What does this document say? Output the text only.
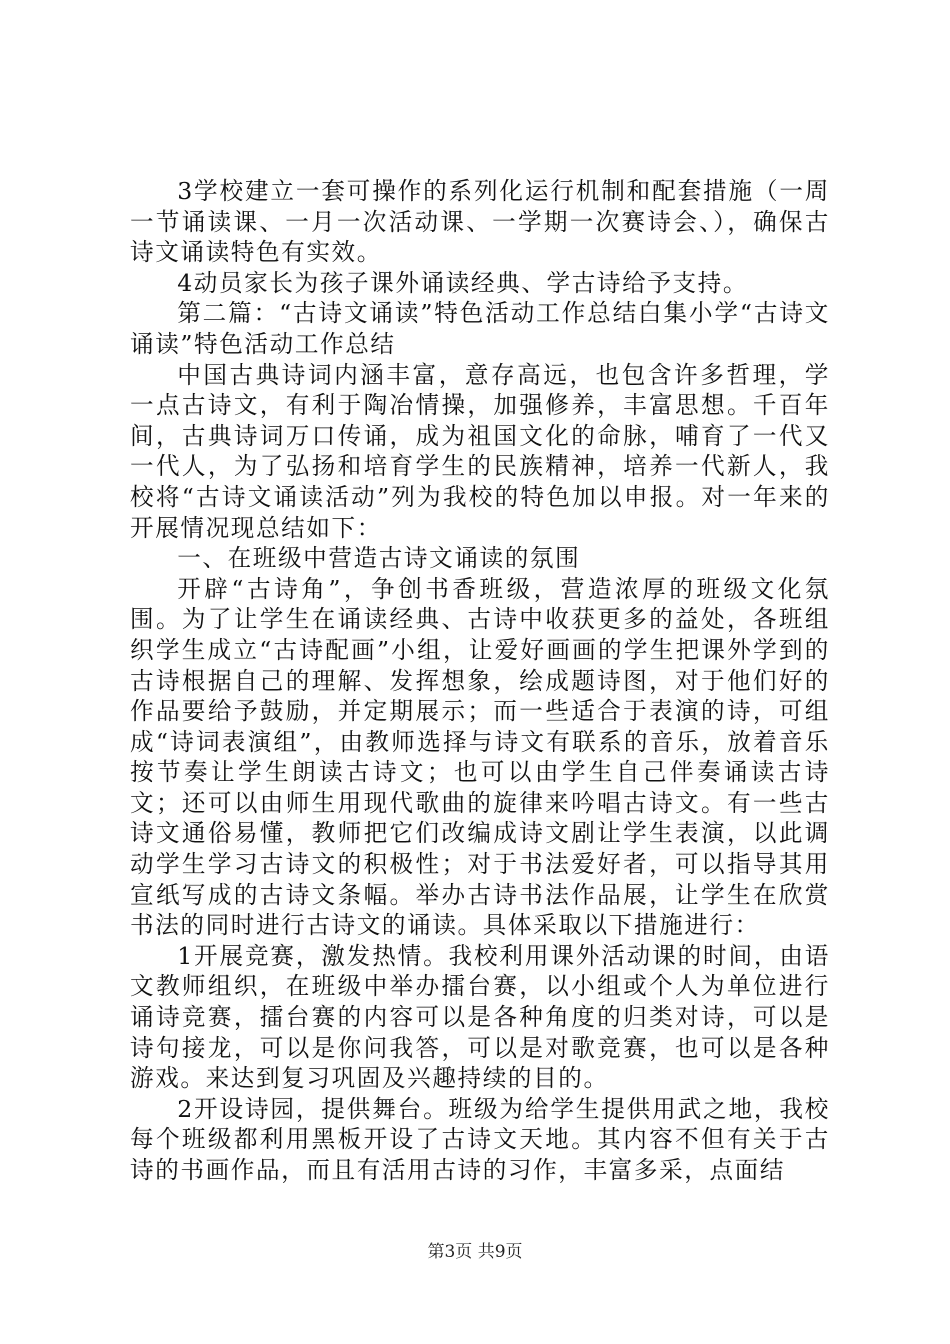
3学校建立一套可操作的系列化运行机制和配套措施（一周一节诵读课、一月一次活动课、一学期一次赛诗会、），确保古诗文诵读特色有实效。

4动员家长为孩子课外诵读经典、学古诗给予支持。

第二篇：“古诗文诵读”特色活动工作总结白集小学“古诗文诵读”特色活动工作总结

中国古典诗词内涵丰富，意存高远，也包含许多哲理，学一点古诗文，有利于陶冶情操，加强修养，丰富思想。千百年间，古典诗词万口传诵，成为祖国文化的命脉，哺育了一代又一代人，为了弘扬和培育学生的民族精神，培养一代新人，我校将“古诗文诵读活动”列为我校的特色加以申报。对一年来的开展情况现总结如下：

一、在班级中营造古诗文诵读的氛围

开辟“古诗角”，争创书香班级，营造浓厚的班级文化氛围。为了让学生在诵读经典、古诗中收获更多的益处，各班组织学生成立“古诗配画”小组，让爱好画画的学生把课外学到的古诗根据自己的理解、发挥想象，绘成题诗图，对于他们好的作品要给予鼓励，并定期展示；而一些适合于表演的诗，可组成“诗词表演组”，由教师选择与诗文有联系的音乐，放着音乐按节奏让学生朗读古诗文；也可以由学生自己伴奏诵读古诗文；还可以由师生用现代歌曲的旋律来吟唱古诗文。有一些古诗文通俗易懂，教师把它们改编成诗文剧让学生表演，以此调动学生学习古诗文的积极性；对于书法爱好者，可以指导其用宣纸写成的古诗文条幅。举办古诗书法作品展，让学生在欣赏书法的同时进行古诗文的诵读。具体采取以下措施进行：

1开展竞赛，激发热情。我校利用课外活动课的时间，由语文教师组织，在班级中举办擂台赛，以小组或个人为单位进行诵诗竞赛，擂台赛的内容可以是各种角度的归类对诗，可以是诗句接龙，可以是你问我答，可以是对歌竞赛，也可以是各种游戏。来达到复习巩固及兴趣持续的目的。

2开设诗园，提供舞台。班级为给学生提供用武之地，我校每个班级都利用黑板开设了古诗文天地。其内容不但有关于古诗的书画作品，而且有活用古诗的习作，丰富多采，点面结

第3页 共9页
